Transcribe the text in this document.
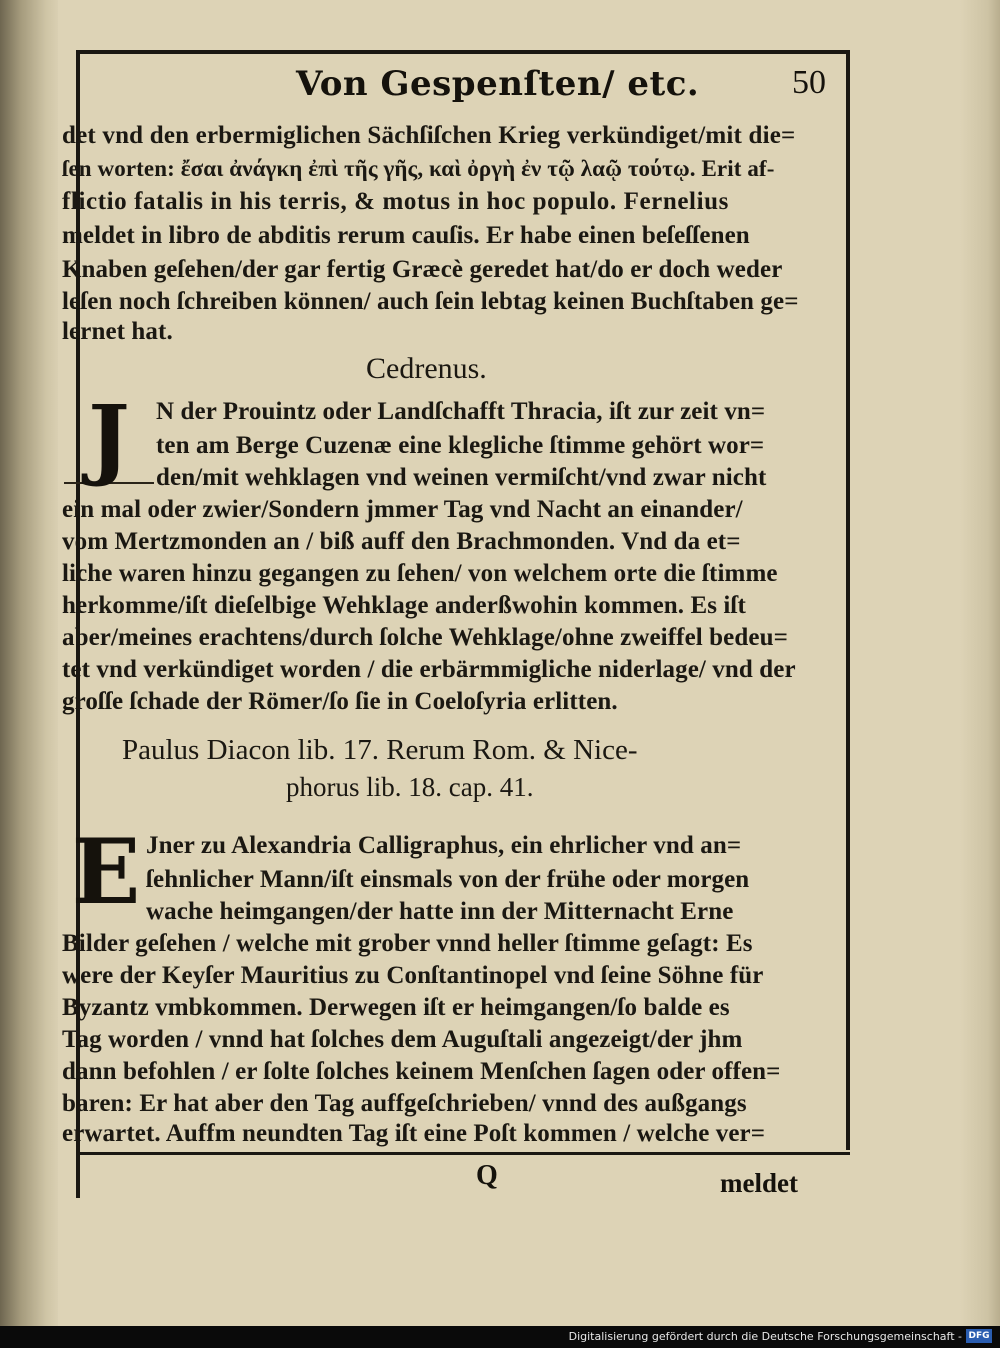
Von Gespenſten/ etc.	50
det vnd den erbermiglichen Sächſiſchen Krieg verkündiget/mit die=
ſen worten: ἔσαι ἀνάγκη ἐπὶ τῆς γῆς, καὶ ὀργὴ ἐν τῷ λαῷ τούτῳ. Erit af-
flictio fatalis in his terris, & motus in hoc populo. Fernelius
meldet in libro de abditis rerum cauſis. Er habe einen beſeſſenen
Knaben geſehen/der gar fertig Græcè geredet hat/do er doch weder
leſen noch ſchreiben können/ auch ſein lebtag keinen Buchſtaben ge=
lernet hat.
Cedrenus.
J	N der Prouintz oder Landſchafft Thracia, iſt zur zeit vn=
ten am Berge Cuzenæ eine klegliche ſtimme gehört wor=
den/mit wehklagen vnd weinen vermiſcht/vnd zwar nicht
ein mal oder zwier/Sondern jmmer Tag vnd Nacht an einander/
vom Mertzmonden an / biß auff den Brachmonden. Vnd da et=
liche waren hinzu gegangen zu ſehen/ von welchem orte die ſtimme
herkomme/iſt dieſelbige Wehklage anderßwohin kommen. Es iſt
aber/meines erachtens/durch ſolche Wehklage/ohne zweiffel bedeu=
tet vnd verkündiget worden / die erbärmmigliche niderlage/ vnd der
groſſe ſchade der Römer/ſo ſie in Coeloſyria erlitten.
Paulus Diacon lib. 17. Rerum Rom. & Nice-
phorus lib. 18. cap. 41.
E Jner zu Alexandria Calligraphus, ein ehrlicher vnd an=
ſehnlicher Mann/iſt einsmals von der frühe oder morgen
wache heimgangen/der hatte inn der Mitternacht Erne
Bilder geſehen / welche mit grober vnnd heller ſtimme geſagt: Es
were der Keyſer Mauritius zu Conſtantinopel vnd ſeine Söhne für
Byzantz vmbkommen. Derwegen iſt er heimgangen/ſo balde es
Tag worden / vnnd hat ſolches dem Auguſtali angezeigt/der jhm
dann befohlen / er ſolte ſolches keinem Menſchen ſagen oder offen=
baren: Er hat aber den Tag auffgeſchrieben/ vnnd des außgangs
erwartet. Auffm neundten Tag iſt eine Poſt kommen / welche ver=
Q	meldet
Digitalisierung gefördert durch die Deutsche Forschungsgemeinschaft - DFG
